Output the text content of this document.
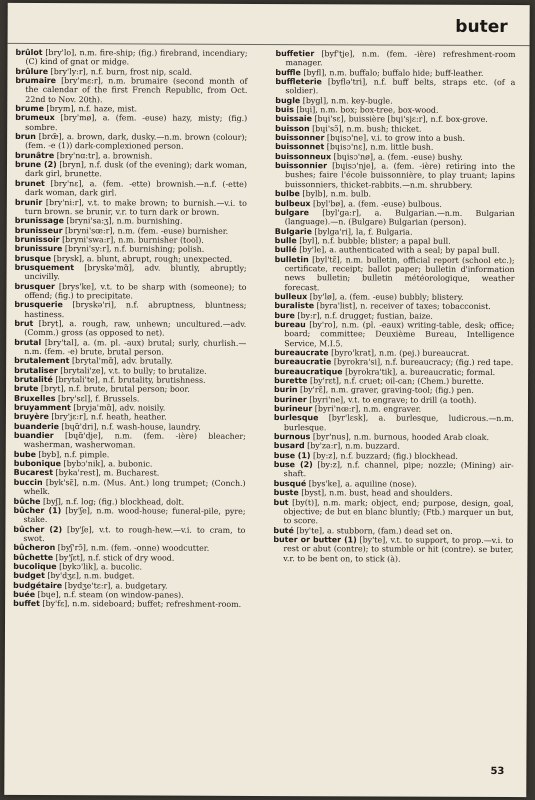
buter
brûlot [bry'lo], n.m. fire-ship; (fig.) firebrand, incendiary; (C) kind of gnat or midge.
brûlure [bry'ly:r], n.f. burn, frost nip, scald.
brumaire [bry'mɛ:r], n.m. brumaire (second month of the calendar of the first French Republic, from Oct. 22nd to Nov. 20th).
brume [brym], n.f. haze, mist.
brumeux [bry'mø], a. (fem. -euse) hazy, misty; (fig.) sombre.
brun [brœ̃], a. brown, dark, dusky.—n.m. brown (colour); (fem. -e (1)) dark-complexioned person.
brunâtre [bry'nɑ:tr], a. brownish.
brune (2) [bryn], n.f. dusk (of the evening); dark woman, dark girl, brunette.
brunet [bry'nɛ], a. (fem. -ette) brownish.—n.f. (-ette) dark woman, dark girl.
brunir [bry'ni:r], v.t. to make brown; to burnish.—v.i. to turn brown. se brunir, v.r. to turn dark or brown.
brunissage [bryni'sa:ʒ], n.m. burnishing.
brunisseur [bryni'sœ:r], n.m. (fem. -euse) burnisher.
brunissoir [bryni'swa:r], n.m. burnisher (tool).
brunissure [bryni'sy:r], n.f. burnishing; polish.
brusque [brysk], a. blunt, abrupt, rough; unexpected.
brusquement [bryskə'mɑ̃], adv. bluntly, abruptly; uncivilly.
brusquer [brys'ke], v.t. to be sharp with (someone); to offend; (fig.) to precipitate.
brusquerie [bryskə'ri], n.f. abruptness, bluntness; hastiness.
brut [bryt], a. rough, raw, unhewn; uncultured.—adv. (Comm.) gross (as opposed to net).
brutal [bry'tal], a. (m. pl. -aux) brutal; surly, churlish.—n.m. (fem. -e) brute, brutal person.
brutalement [brytal'mɑ̃], adv. brutally.
brutaliser [brytali'ze], v.t. to bully; to brutalize.
brutalité [brytali'te], n.f. brutality, brutishness.
brute [bryt], n.f. brute, brutal person; boor.
Bruxelles [bry'sɛl], f. Brussels.
bruyamment [bryja'mɑ̃], adv. noisily.
bruyère [bry'jɛ:r], n.f. heath, heather.
buanderie [bɥɑ̃'dri], n.f. wash-house, laundry.
buandier [bɥɑ̃'dje], n.m. (fem. -ière) bleacher; washerman, washerwoman.
bube [byb], n.f. pimple.
bubonique [bybɔ'nik], a. bubonic.
Bucarest [byka'rest], m. Bucharest.
buccin [byk'sɛ̃], n.m. (Mus. Ant.) long trumpet; (Conch.) whelk.
bûche [byʃ], n.f. log; (fig.) blockhead, dolt.
bûcher (1) [by'ʃe], n.m. wood-house; funeral-pile, pyre; stake.
bûcher (2) [by'ʃe], v.t. to rough-hew.—v.i. to cram, to swot.
bûcheron [byʃ'rɔ̃], n.m. (fem. -onne) woodcutter.
bûchette [by'ʃɛt], n.f. stick of dry wood.
bucolique [bykɔ'lik], a. bucolic.
budget [by'dʒɛ], n.m. budget.
budgétaire [bydʒe'tɛ:r], a. budgetary.
buée [bɥe], n.f. steam (on window-panes).
buffet [by'fɛ], n.m. sideboard; buffet; refreshment-room.
buffetier [byf'tje], n.m. (fem. -ière) refreshment-room manager.
buffle [byfl], n.m. buffalo; buffalo hide; buff-leather.
buffleterie [byflə'tri], n.f. buff belts, straps etc. (of a soldier).
bugle [bygl], n.m. key-bugle.
buis [bɥi], n.m. box; box-tree, box-wood.
buissaie [bɥi'sɛ], buissière [bɥi'sjɛ:r], n.f. box-grove.
buisson [bɥi'sɔ̃], n.m. bush; thicket.
buissonner [bɥisɔ'ne], v.i. to grow into a bush.
buissonnet [bɥisɔ'nɛ], n.m. little bush.
buissonneux [bɥisɔ'nø], a. (fem. -euse) bushy.
buissonnier [bɥisɔ'nje], a. (fem. -ière) retiring into the bushes; faire l'école buissonnière, to play truant; lapins buissonniers, thicket-rabbits.—n.m. shrubbery.
bulbe [bylb], n.m. bulb.
bulbeux [byl'bø], a. (fem. -euse) bulbous.
bulgare [byl'ga:r], a. Bulgarian.—n.m. Bulgarian (language).—n. (Bulgare) Bulgarian (person).
Bulgarie [bylga'ri], la, f. Bulgaria.
bulle [byl], n.f. bubble; blister; a papal bull.
bullé [by'le], a. authenticated with a seal; by papal bull.
bulletin [byl'tɛ̃], n.m. bulletin, official report (school etc.); certificate, receipt; ballot paper; bulletin d'information news bulletin; bulletin météorologique, weather forecast.
bulleux [by'lø], a. (fem. -euse) bubbly; blistery.
buraliste [byra'list], n. receiver of taxes; tobacconist.
bure [by:r], n.f. drugget; fustian, baize.
bureau [by'ro], n.m. (pl. -eaux) writing-table, desk; office; board; committee; Deuxième Bureau, Intelligence Service, M.I.5.
bureaucrate [byro'krat], n.m. (pej.) bureaucrat.
bureaucratie [byrokra'si], n.f. bureaucracy; (fig.) red tape.
bureaucratique [byrokra'tik], a. bureaucratic; formal.
burette [by'rɛt], n.f. cruet; oil-can; (Chem.) burette.
burin [by'rɛ̃], n.m. graver, graving-tool; (fig.) pen.
buriner [byri'ne], v.t. to engrave; to drill (a tooth).
burineur [byri'nœ:r], n.m. engraver.
burlesque [byr'lɛsk], a. burlesque, ludicrous.—n.m. burlesque.
burnous [byr'nus], n.m. burnous, hooded Arab cloak.
busard [by'za:r], n.m. buzzard.
buse (1) [by:z], n.f. buzzard; (fig.) blockhead.
buse (2) [by:z], n.f. channel, pipe; nozzle; (Mining) air-shaft.
busqué [bys'ke], a. aquiline (nose).
buste [byst], n.m. bust, head and shoulders.
but [by(t)], n.m. mark; object, end; purpose, design, goal, objective; de but en blanc bluntly; (Ftb.) marquer un but, to score.
buté [by'te], a. stubborn, (fam.) dead set on.
buter or butter (1) [by'te], v.t. to support, to prop.—v.i. to rest or abut (contre); to stumble or hit (contre). se buter, v.r. to be bent on, to stick (à).
53
